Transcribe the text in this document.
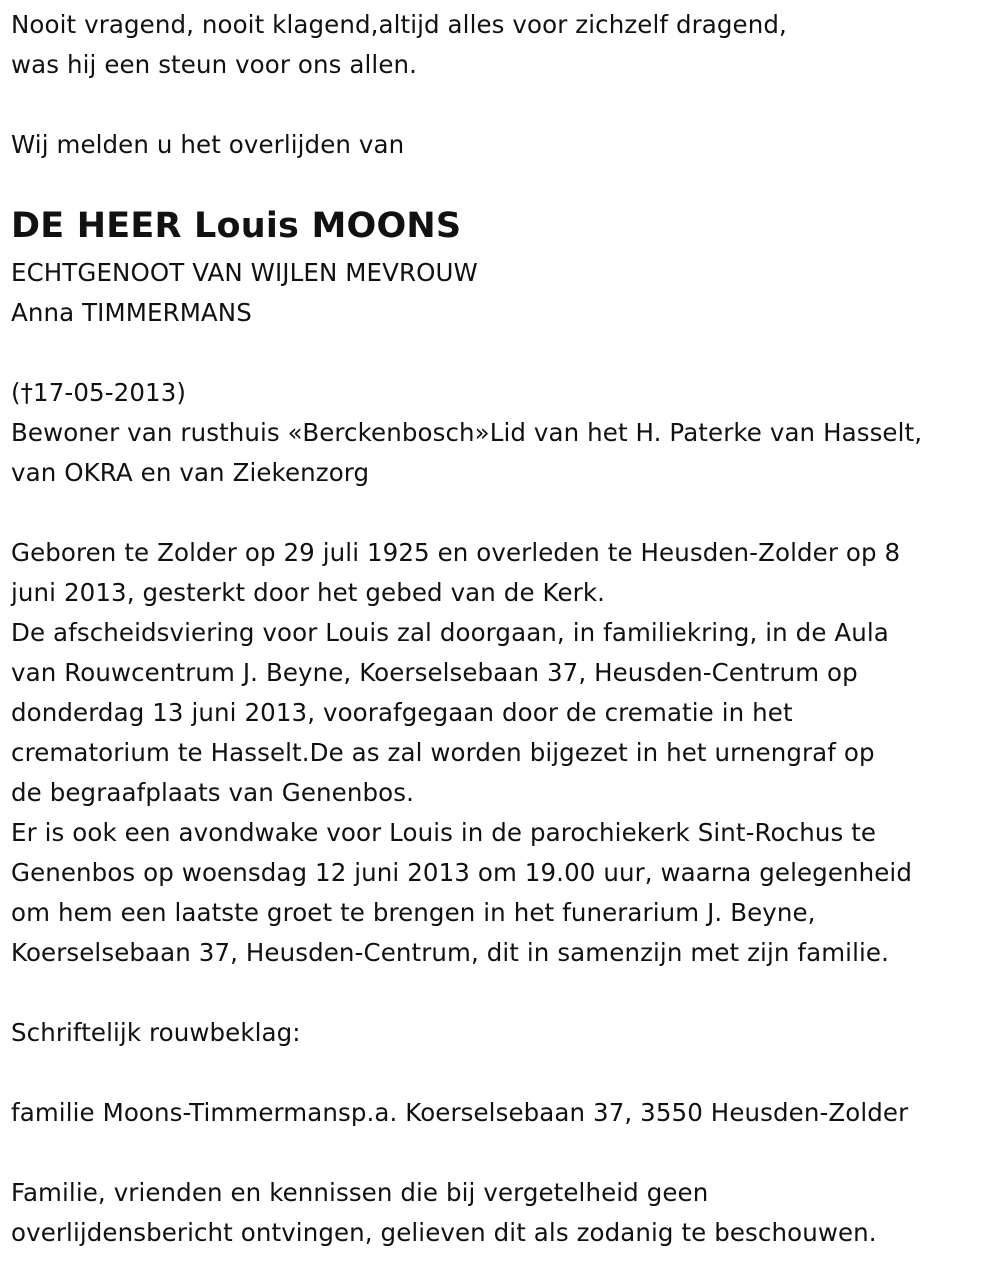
Nooit vragend, nooit klagend,altijd alles voor zichzelf dragend,
was hij een steun voor ons allen.
Wij melden u het overlijden van
DE HEER Louis MOONS
ECHTGENOOT VAN WIJLEN MEVROUW
Anna TIMMERMANS
(†17-05-2013)
Bewoner van rusthuis «Berckenbosch»Lid van het H. Paterke van Hasselt,
van OKRA en van Ziekenzorg
Geboren te Zolder op 29 juli 1925 en overleden te Heusden-Zolder op 8
juni 2013, gesterkt door het gebed van de Kerk.
De afscheidsviering voor Louis zal doorgaan, in familiekring, in de Aula
van Rouwcentrum J. Beyne, Koerselsebaan 37, Heusden-Centrum op
donderdag 13 juni 2013, voorafgegaan door de crematie in het
crematorium te Hasselt.De as zal worden bijgezet in het urnengraf op
de begraafplaats van Genenbos.
Er is ook een avondwake voor Louis in de parochiekerk Sint-Rochus te
Genenbos op woensdag 12 juni 2013 om 19.00 uur, waarna gelegenheid
om hem een laatste groet te brengen in het funerarium J. Beyne,
Koerselsebaan 37, Heusden-Centrum, dit in samenzijn met zijn familie.
Schriftelijk rouwbeklag:
familie Moons-Timmermansp.a. Koerselsebaan 37, 3550 Heusden-Zolder
Familie, vrienden en kennissen die bij vergetelheid geen
overlijdensbericht ontvingen, gelieven dit als zodanig te beschouwen.
